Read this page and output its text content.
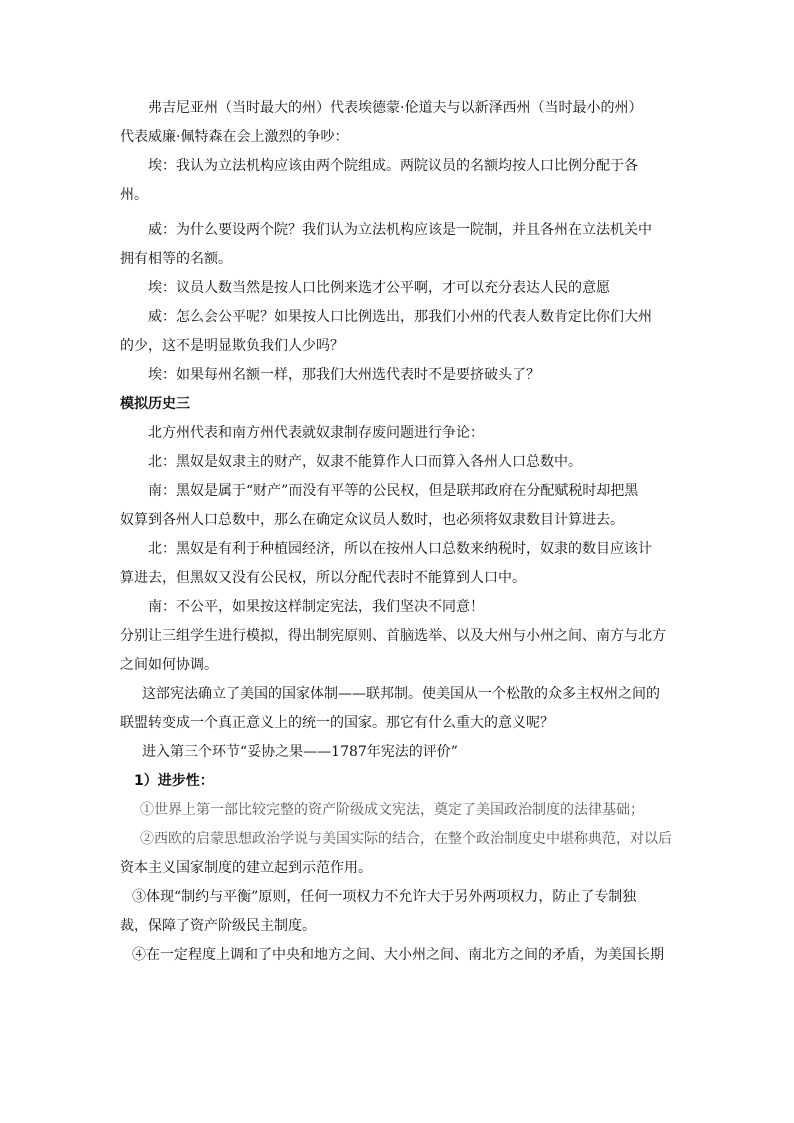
弗吉尼亚州（当时最大的州）代表埃德蒙·伦道夫与以新泽西州（当时最小的州）
代表威廉·佩特森在会上激烈的争吵：
埃：我认为立法机构应该由两个院组成。两院议员的名额均按人口比例分配于各
州。
威：为什么要设两个院？我们认为立法机构应该是一院制，并且各州在立法机关中
拥有相等的名额。
埃：议员人数当然是按人口比例来选才公平啊，才可以充分表达人民的意愿
威：怎么会公平呢？如果按人口比例选出，那我们小州的代表人数肯定比你们大州
的少，这不是明显欺负我们人少吗？
埃：如果每州名额一样，那我们大州选代表时不是要挤破头了？
模拟历史三
北方州代表和南方州代表就奴隶制存废问题进行争论：
北：黑奴是奴隶主的财产，奴隶不能算作人口而算入各州人口总数中。
南：黑奴是属于“财产”而没有平等的公民权，但是联邦政府在分配赋税时却把黑
奴算到各州人口总数中，那么在确定众议员人数时，也必须将奴隶数目计算进去。
北：黑奴是有利于种植园经济，所以在按州人口总数来纳税时，奴隶的数目应该计
算进去，但黑奴又没有公民权，所以分配代表时不能算到人口中。
南：不公平，如果按这样制定宪法，我们坚决不同意！
分别让三组学生进行模拟，得出制宪原则、首脑选举、以及大州与小州之间、南方与北方
之间如何协调。
这部宪法确立了美国的国家体制——联邦制。使美国从一个松散的众多主权州之间的
联盟转变成一个真正意义上的统一的国家。那它有什么重大的意义呢？
进入第三个环节“妥协之果——1787年宪法的评价”
1）进步性：
①世界上第一部比较完整的资产阶级成文宪法，奠定了美国政治制度的法律基础；
②西欧的启蒙思想政治学说与美国实际的结合，在整个政治制度史中堪称典范，对以后
资本主义国家制度的建立起到示范作用。
③体现“制约与平衡”原则，任何一项权力不允许大于另外两项权力，防止了专制独
裁，保障了资产阶级民主制度。
④在一定程度上调和了中央和地方之间、大小州之间、南北方之间的矛盾，为美国长期
